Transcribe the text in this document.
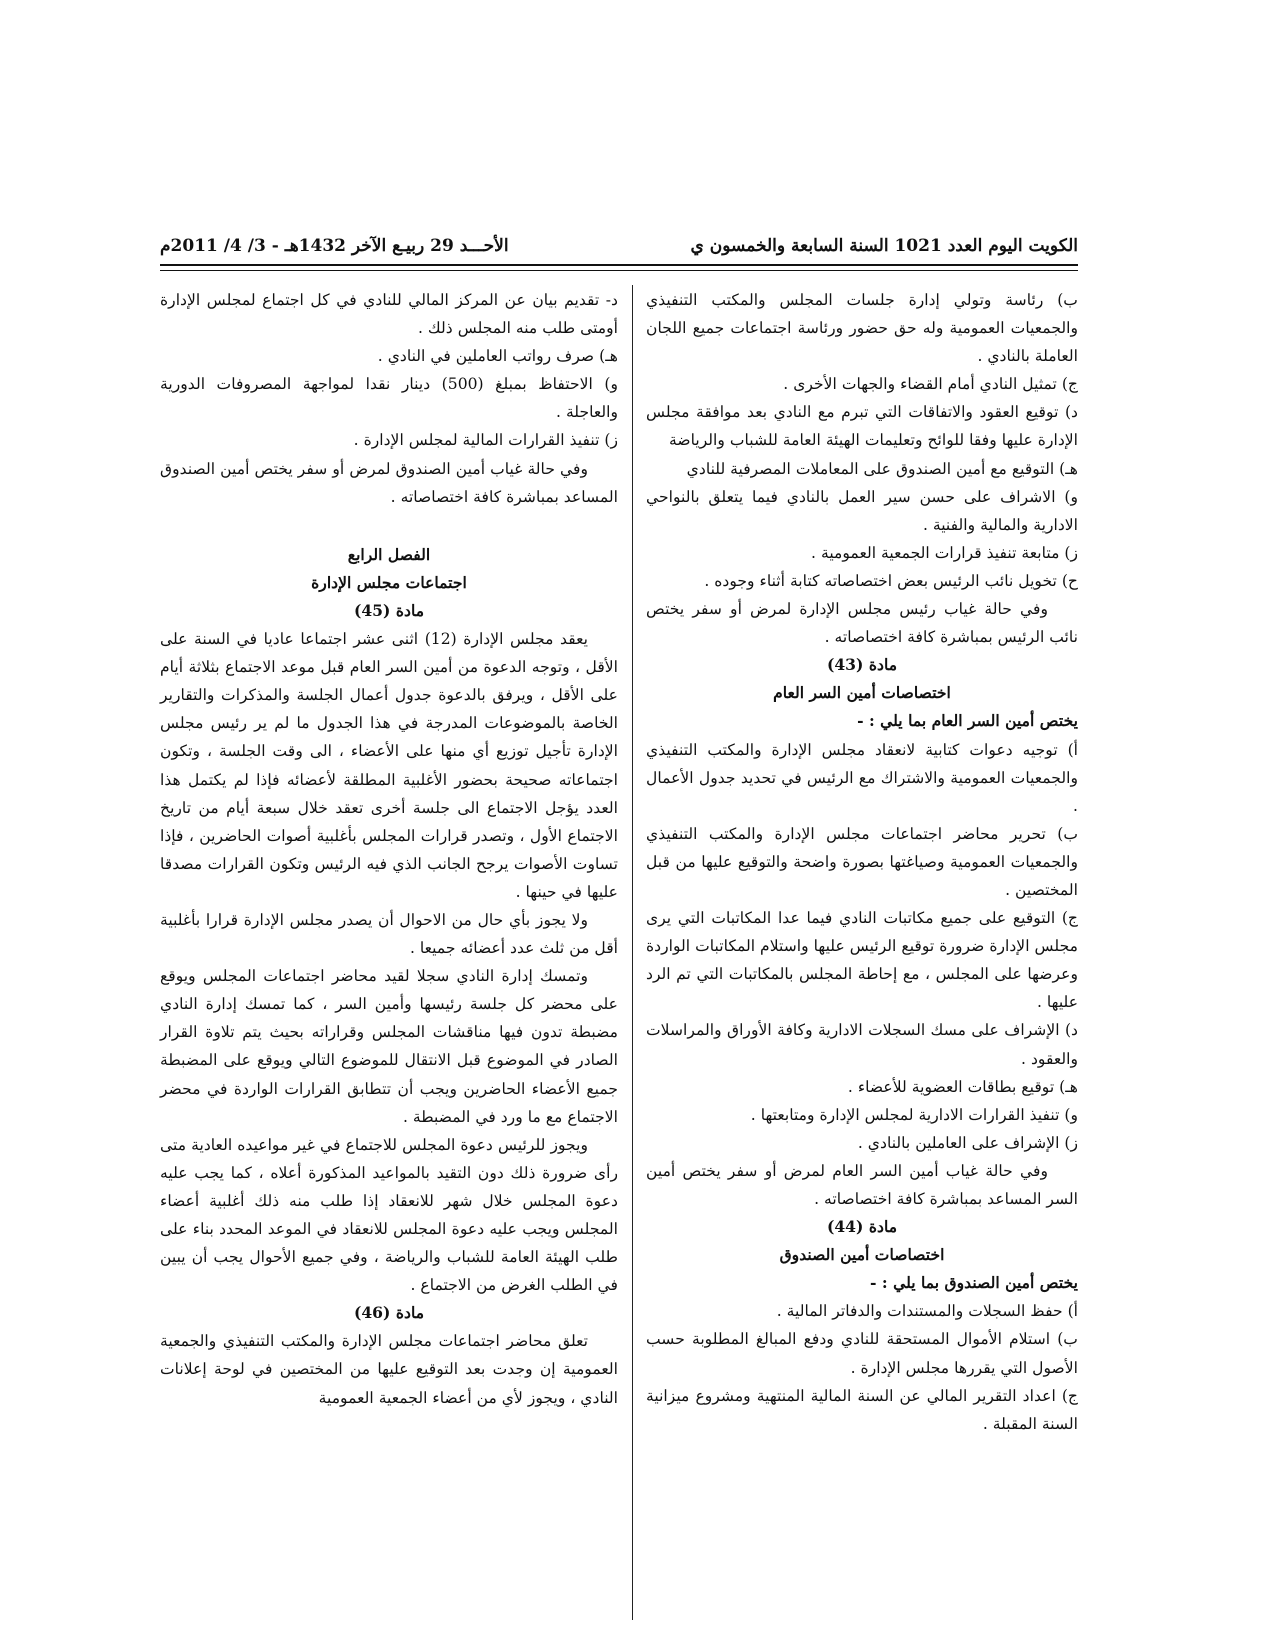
الكويت اليوم العدد 1021 السنة السابعة والخمسون ي
الأحـــد 29 ربيـع الآخر 1432هـ - 3/ 4/ 2011م

ب) رئاسة وتولي إدارة جلسات المجلس والمكتب التنفيذي والجمعيات العمومية وله حق حضور ورئاسة اجتماعات جميع اللجان العاملة بالنادي .

ج) تمثيل النادي أمام القضاء والجهات الأخرى .

د) توقيع العقود والاتفاقات التي تبرم مع النادي بعد موافقة مجلس الإدارة عليها وفقا للوائح وتعليمات الهيئة العامة للشباب والرياضة

هـ) التوقيع مع أمين الصندوق على المعاملات المصرفية للنادي

و) الاشراف على حسن سير العمل بالنادي فيما يتعلق بالنواحي الادارية والمالية والفنية .

ز) متابعة تنفيذ قرارات الجمعية العمومية .

ح) تخويل نائب الرئيس بعض اختصاصاته كتابة أثناء وجوده .

وفي حالة غياب رئيس مجلس الإدارة لمرض أو سفر يختص نائب الرئيس بمباشرة كافة اختصاصاته .

مادة (43)

اختصاصات أمين السر العام

يختص أمين السر العام بما يلي : -

أ) توجيه دعوات كتابية لانعقاد مجلس الإدارة والمكتب التنفيذي والجمعيات العمومية والاشتراك مع الرئيس في تحديد جدول الأعمال .

ب) تحرير محاضر اجتماعات مجلس الإدارة والمكتب التنفيذي والجمعيات العمومية وصياغتها بصورة واضحة والتوقيع عليها من قبل المختصين .

ج) التوقيع على جميع مكاتبات النادي فيما عدا المكاتبات التي يرى مجلس الإدارة ضرورة توقيع الرئيس عليها واستلام المكاتبات الواردة وعرضها على المجلس ، مع إحاطة المجلس بالمكاتبات التي تم الرد عليها .

د) الإشراف على مسك السجلات الادارية وكافة الأوراق والمراسلات والعقود .

هـ) توقيع بطاقات العضوية للأعضاء .

و) تنفيذ القرارات الادارية لمجلس الإدارة ومتابعتها .

ز) الإشراف على العاملين بالنادي .

وفي حالة غياب أمين السر العام لمرض أو سفر يختص أمين السر المساعد بمباشرة كافة اختصاصاته .

مادة (44)

اختصاصات أمين الصندوق

يختص أمين الصندوق بما يلي : -

أ) حفظ السجلات والمستندات والدفاتر المالية .

ب) استلام الأموال المستحقة للنادي ودفع المبالغ المطلوبة حسب الأصول التي يقررها مجلس الإدارة .

ج) اعداد التقرير المالي عن السنة المالية المنتهية ومشروع ميزانية السنة المقبلة .

د- تقديم بيان عن المركز المالي للنادي في كل اجتماع لمجلس الإدارة أومتى طلب منه المجلس ذلك .

هـ) صرف رواتب العاملين في النادي .

و) الاحتفاظ بمبلغ (500) دينار نقدا لمواجهة المصروفات الدورية والعاجلة .

ز) تنفيذ القرارات المالية لمجلس الإدارة .

وفي حالة غياب أمين الصندوق لمرض أو سفر يختص أمين الصندوق المساعد بمباشرة كافة اختصاصاته .

الفصل الرابع

اجتماعات مجلس الإدارة

مادة (45)

يعقد مجلس الإدارة (12) اثنى عشر اجتماعا عاديا في السنة على الأقل ، وتوجه الدعوة من أمين السر العام قبل موعد الاجتماع بثلاثة أيام على الأقل ، ويرفق بالدعوة جدول أعمال الجلسة والمذكرات والتقارير الخاصة بالموضوعات المدرجة في هذا الجدول ما لم ير رئيس مجلس الإدارة تأجيل توزيع أي منها على الأعضاء ، الى وقت الجلسة ، وتكون اجتماعاته صحيحة بحضور الأغلبية المطلقة لأعضائه فإذا لم يكتمل هذا العدد يؤجل الاجتماع الى جلسة أخرى تعقد خلال سبعة أيام من تاريخ الاجتماع الأول ، وتصدر قرارات المجلس بأغلبية أصوات الحاضرين ، فإذا تساوت الأصوات يرجح الجانب الذي فيه الرئيس وتكون القرارات مصدقا عليها في حينها .

ولا يجوز بأي حال من الاحوال أن يصدر مجلس الإدارة قرارا بأغلبية أقل من ثلث عدد أعضائه جميعا .

وتمسك إدارة النادي سجلا لقيد محاضر اجتماعات المجلس ويوقع على محضر كل جلسة رئيسها وأمين السر ، كما تمسك إدارة النادي مضبطة تدون فيها مناقشات المجلس وقراراته بحيث يتم تلاوة القرار الصادر في الموضوع قبل الانتقال للموضوع التالي ويوقع على المضبطة جميع الأعضاء الحاضرين ويجب أن تتطابق القرارات الواردة في محضر الاجتماع مع ما ورد في المضبطة .

ويجوز للرئيس دعوة المجلس للاجتماع في غير مواعيده العادية متى رأى ضرورة ذلك دون التقيد بالمواعيد المذكورة أعلاه ، كما يجب عليه دعوة المجلس خلال شهر للانعقاد إذا طلب منه ذلك أغلبية أعضاء المجلس ويجب عليه دعوة المجلس للانعقاد في الموعد المحدد بناء على طلب الهيئة العامة للشباب والرياضة ، وفي جميع الأحوال يجب أن يبين في الطلب الغرض من الاجتماع .

مادة (46)

تعلق محاضر اجتماعات مجلس الإدارة والمكتب التنفيذي والجمعية العمومية إن وجدت بعد التوقيع عليها من المختصين في لوحة إعلانات النادي ، ويجوز لأي من أعضاء الجمعية العمومية
